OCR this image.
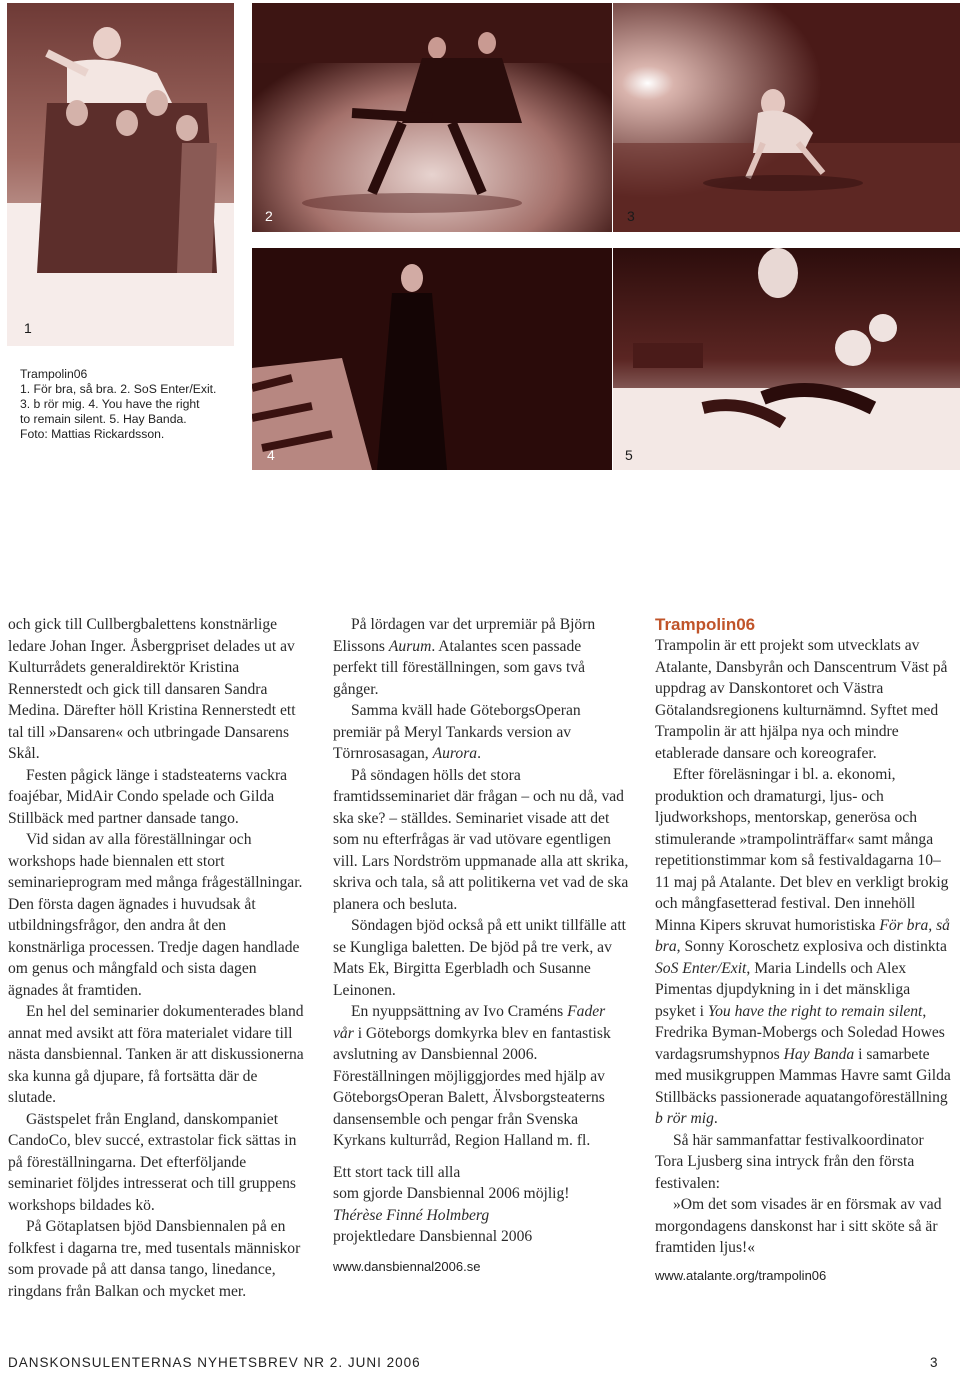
1
2	3
4	5
Trampolin06
1. För bra, så bra. 2. SoS Enter/Exit.
3. b rör mig. 4. You have the right
to remain silent. 5. Hay Banda.
Foto: Mattias Rickardsson.

och gick till Cullbergbalettens konstnärlige ledare Johan Inger. Åsbergpriset delades ut av Kulturrådets generaldirektör Kristina Rennerstedt och gick till dansaren Sandra Medina. Därefter höll Kristina Rennerstedt ett tal till »Dansaren« och utbringade Dansarens Skål.

Festen pågick länge i stadsteaterns vackra foajébar, MidAir Condo spelade och Gilda Stillbäck med partner dansade tango.

Vid sidan av alla föreställningar och workshops hade biennalen ett stort seminarieprogram med många frågeställningar. Den första dagen ägnades i huvudsak åt utbildningsfrågor, den andra åt den konstnärliga processen. Tredje dagen handlade om genus och mångfald och sista dagen ägnades åt framtiden.

En hel del seminarier dokumenterades bland annat med avsikt att föra materialet vidare till nästa dansbiennal. Tanken är att diskussionerna ska kunna gå djupare, få fortsätta där de slutade.

Gästspelet från England, danskompaniet CandoCo, blev succé, extrastolar fick sättas in på föreställningarna. Det efterföljande seminariet följdes intresserat och till gruppens workshops bildades kö.

På Götaplatsen bjöd Dansbiennalen på en folkfest i dagarna tre, med tusentals människor som provade på att dansa tango, linedance, ringdans från Balkan och mycket mer.

På lördagen var det urpremiär på Björn Elissons Aurum. Atalantes scen passade perfekt till föreställningen, som gavs två gånger.

Samma kväll hade GöteborgsOperan premiär på Meryl Tankards version av Törnrosasagan, Aurora.

På söndagen hölls det stora framtidsseminariet där frågan – och nu då, vad ska ske? – ställdes. Seminariet visade att det som nu efterfrågas är vad utövare egentligen vill. Lars Nordström uppmanade alla att skrika, skriva och tala, så att politikerna vet vad de ska planera och besluta.

Söndagen bjöd också på ett unikt tillfälle att se Kungliga baletten. De bjöd på tre verk, av Mats Ek, Birgitta Egerbladh och Susanne Leinonen.

En nyuppsättning av Ivo Craméns Fader vår i Göteborgs domkyrka blev en fantastisk avslutning av Dansbiennal 2006. Föreställningen möjliggjordes med hjälp av GöteborgsOperan Balett, Älvsborgsteaterns dansensemble och pengar från Svenska Kyrkans kulturråd, Region Halland m. fl.

Ett stort tack till alla

som gjorde Dansbiennal 2006 möjlig!

Thérèse Finné Holmberg

projektledare Dansbiennal 2006

www.dansbiennal2006.se

Trampolin06

Trampolin är ett projekt som utvecklats av Atalante, Dansbyrån och Danscentrum Väst på uppdrag av Danskontoret och Västra Götalandsregionens kulturnämnd. Syftet med Trampolin är att hjälpa nya och mindre etablerade dansare och koreografer.

Efter föreläsningar i bl. a. ekonomi, produktion och dramaturgi, ljus- och ljudworkshops, mentorskap, generösa och stimulerande »trampolinträffar« samt många repetitionstimmar kom så festivaldagarna 10–11 maj på Atalante. Det blev en verkligt brokig och mångfasetterad festival. Den innehöll Minna Kipers skruvat humoristiska För bra, så bra, Sonny Koroschetz explosiva och distinkta SoS Enter/Exit, Maria Lindells och Alex Pimentas djupdykning in i det mänskliga psyket i You have the right to remain silent, Fredrika Byman-Mobergs och Soledad Howes vardagsrumshypnos Hay Banda i samarbete med musikgruppen Mammas Havre samt Gilda Stillbäcks passionerade aquatangoföreställning b rör mig.

Så här sammanfattar festivalkoordinator Tora Ljusberg sina intryck från den första festivalen:

»Om det som visades är en försmak av vad morgondagens danskonst har i sitt sköte så är framtiden ljus!«

www.atalante.org/trampolin06

DANSKONSULENTERNAS NYHETSBREV NR 2. JUNI 2006	3
